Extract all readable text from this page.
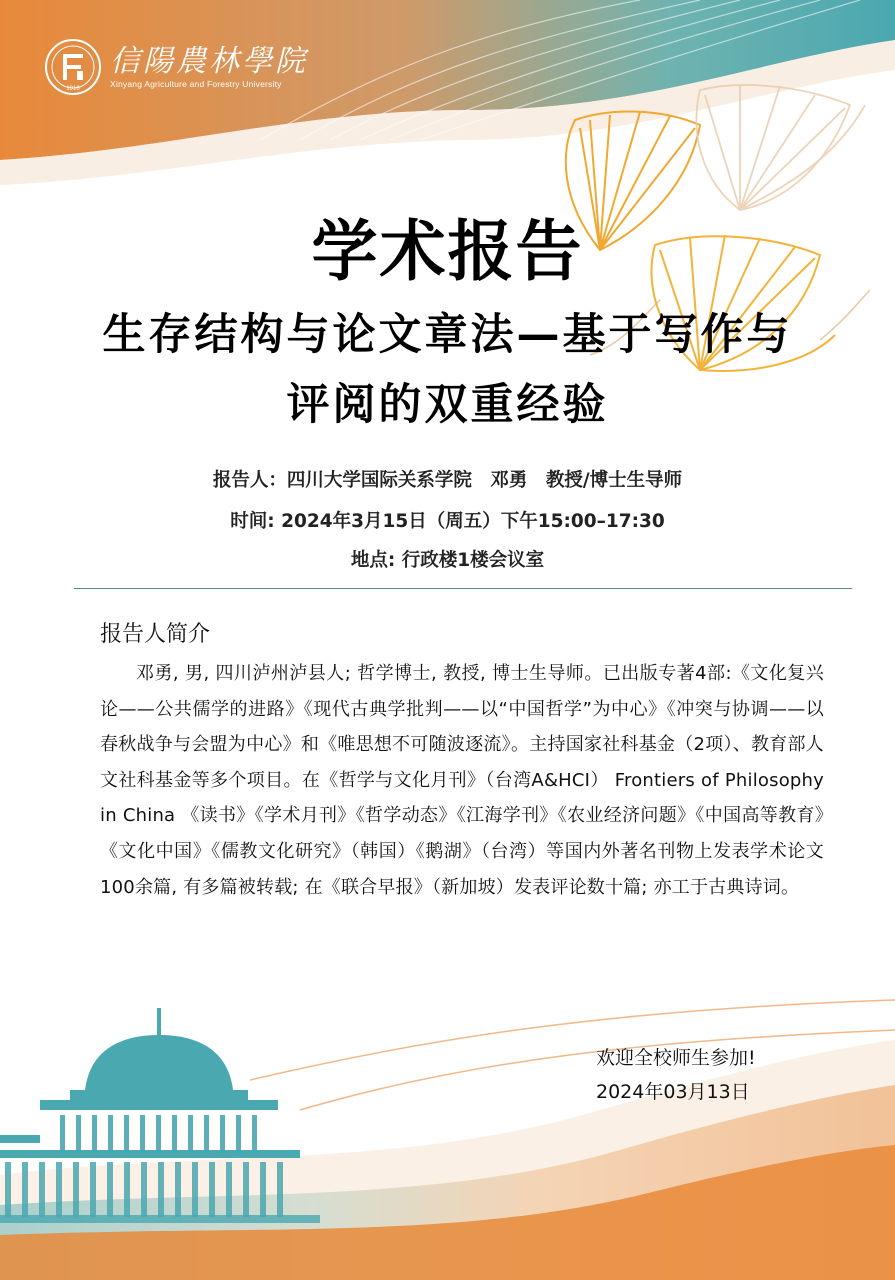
1910
信陽農林學院
Xinyang Agriculture and Forestry University
学术报告
生存结构与论文章法—基于写作与
评阅的双重经验
报告人：四川大学国际关系学院　邓勇　教授/博士生导师
时间: 2024年3月15日（周五）下午15:00–17:30
地点: 行政楼1楼会议室
报告人简介
邓勇, 男, 四川泸州泸县人; 哲学博士, 教授, 博士生导师。已出版专著4部:《文化复兴论——公共儒学的进路》《现代古典学批判——以“中国哲学”为中心》《冲突与协调——以春秋战争与会盟为中心》和《唯思想不可随波逐流》。主持国家社科基金（2项）、教育部人文社科基金等多个项目。在《哲学与文化月刊》（台湾A&HCI） Frontiers of Philosophy in China 《读书》《学术月刊》《哲学动态》《江海学刊》《农业经济问题》《中国高等教育》《文化中国》《儒教文化研究》（韩国）《鹅湖》（台湾）等国内外著名刊物上发表学术论文100余篇, 有多篇被转载; 在《联合早报》（新加坡）发表评论数十篇; 亦工于古典诗词。
欢迎全校师生参加!
2024年03月13日
